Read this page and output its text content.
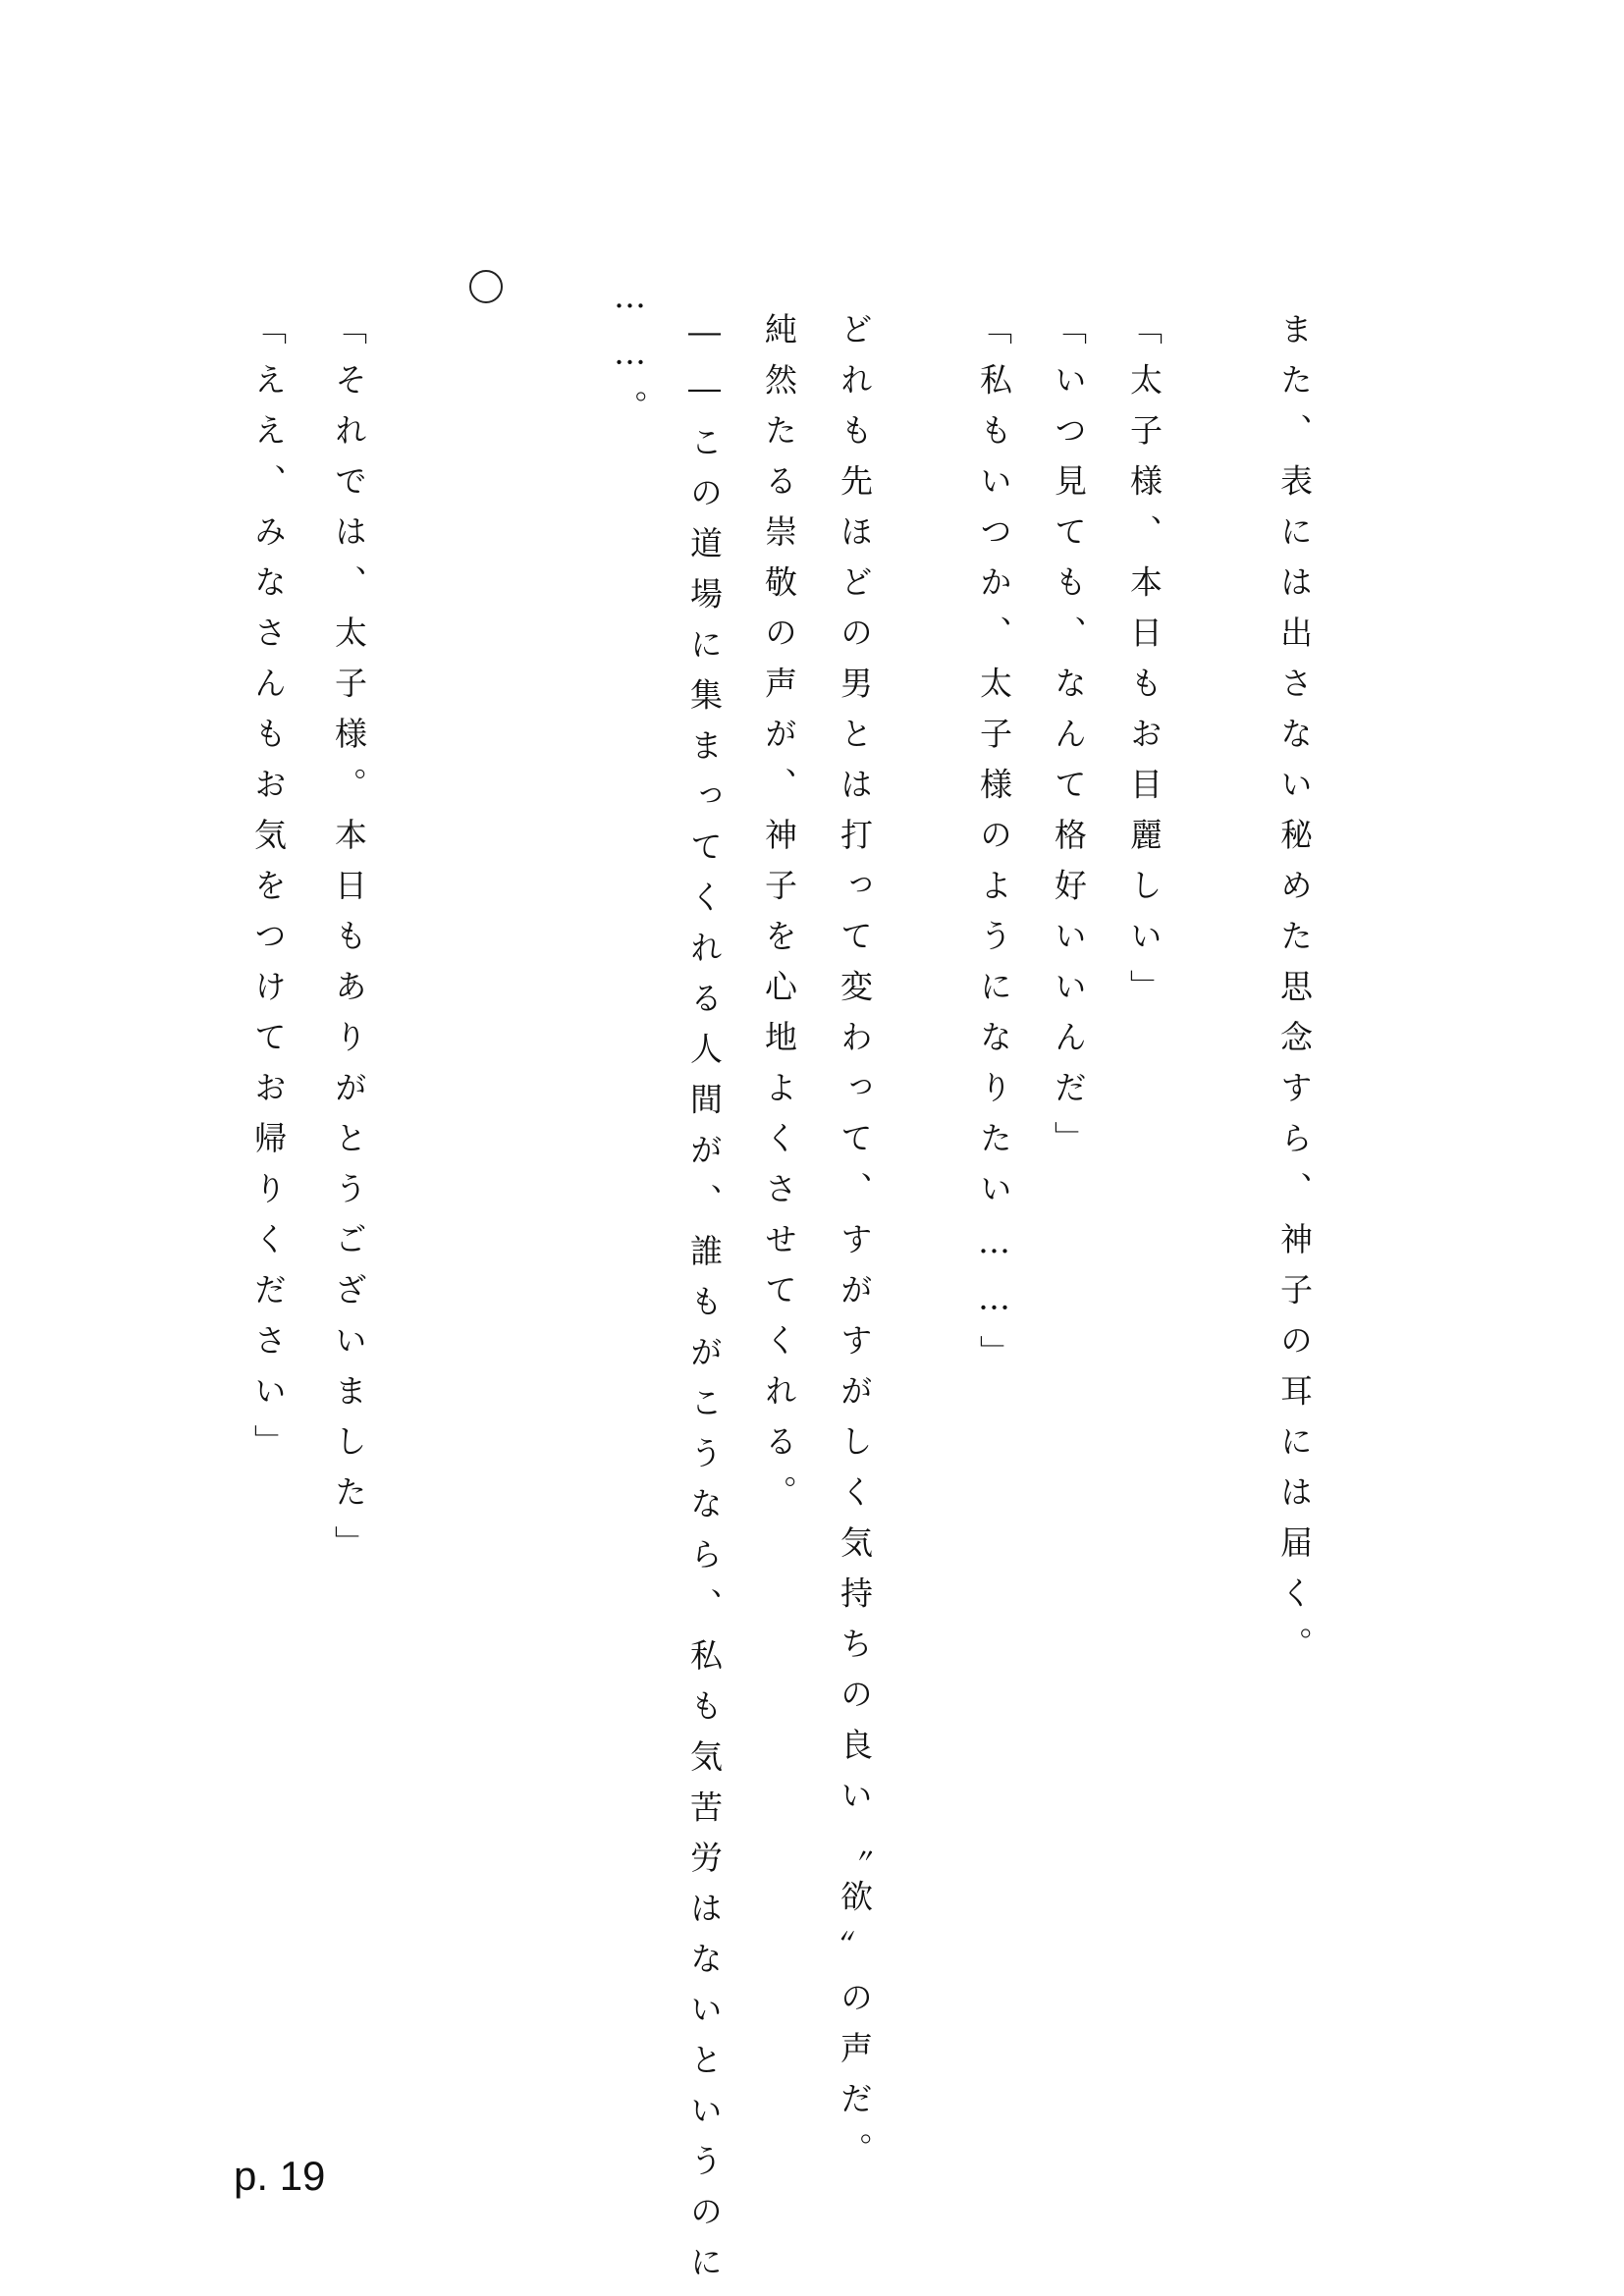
また、表には出さない秘めた思念すら、神子の耳には届く。

「太子様、本日もお目麗しい」

「いつ見ても、なんて格好いいんだ」

「私もいつか、太子様のようになりたい……」

どれも先ほどの男とは打って変わって、すがすがしく気持ちの良い〝欲〟の声だ。

純然たる崇敬の声が、神子を心地よくさせてくれる。

――この道場に集まってくれる人間が、誰もがこうなら、私も気苦労はないというのに

……。

「それでは、太子様。本日もありがとうございました」

「ええ、みなさんもお気をつけてお帰りください」

p. 19
